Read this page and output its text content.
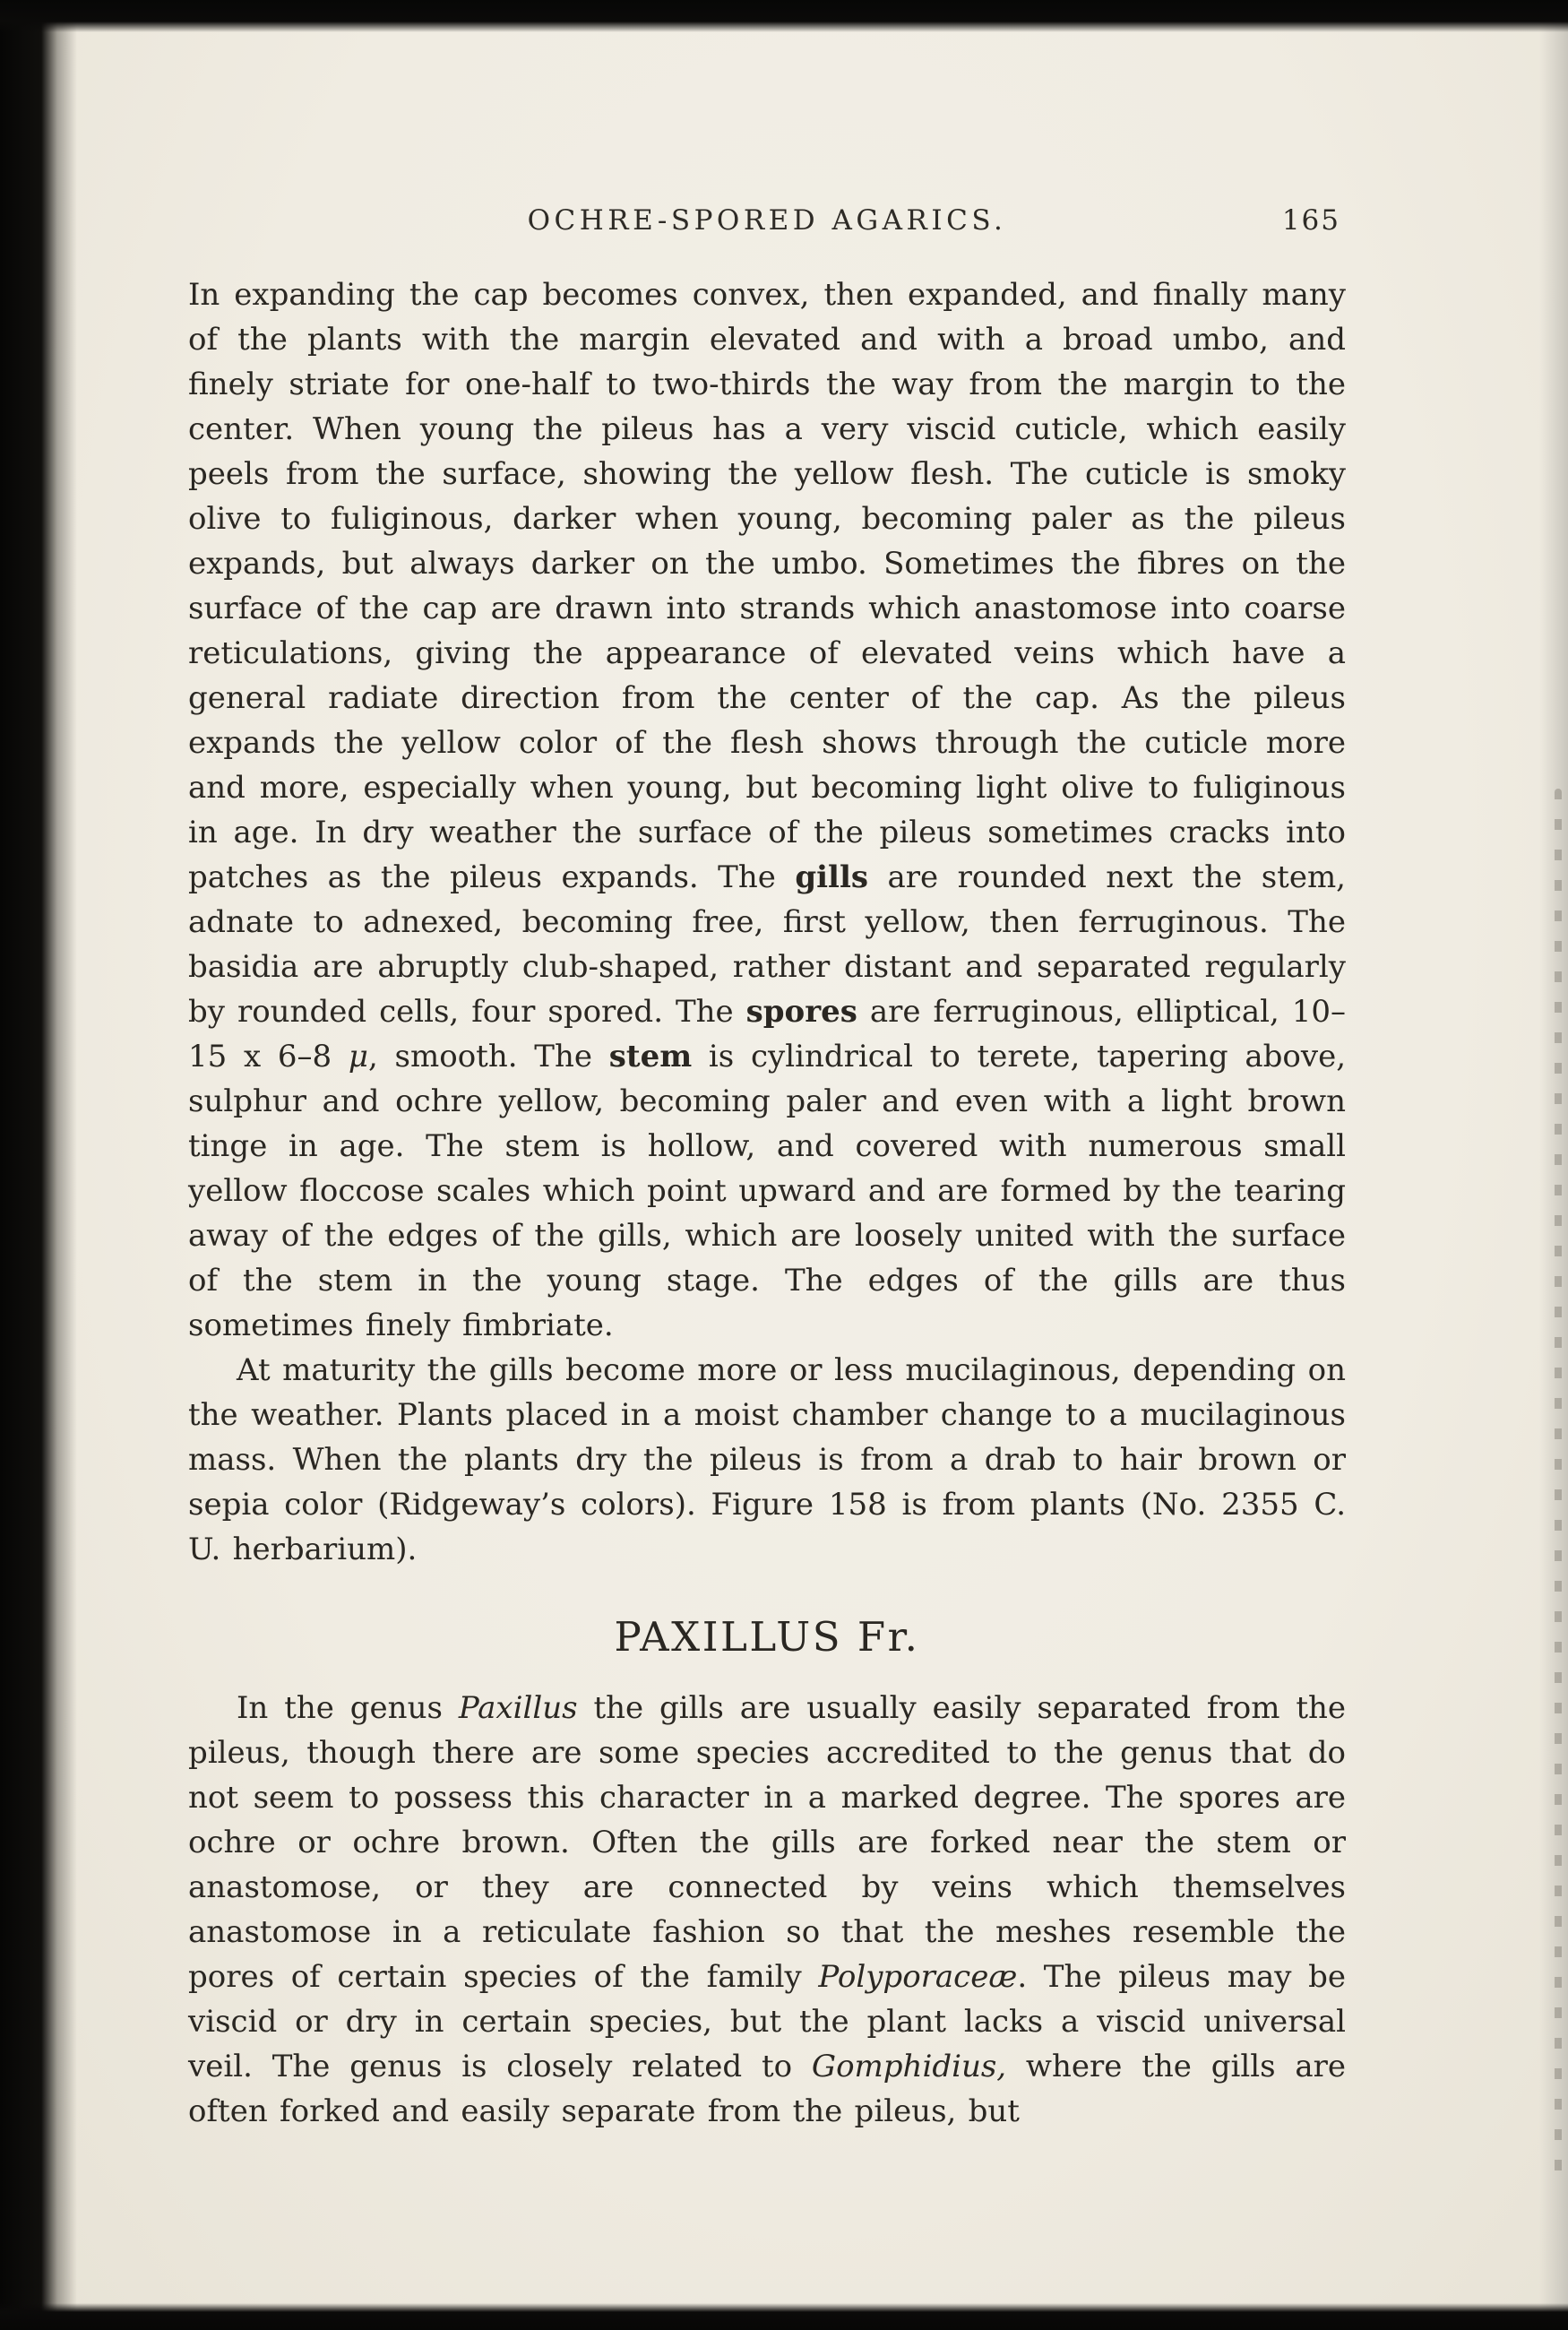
OCHRE-SPORED AGARICS.	165

In expanding the cap becomes convex, then expanded, and finally many of the plants with the margin elevated and with a broad umbo, and finely striate for one-half to two-thirds the way from the margin to the center. When young the pileus has a very viscid cuticle, which easily peels from the surface, showing the yellow flesh. The cuticle is smoky olive to fuliginous, darker when young, becoming paler as the pileus expands, but always darker on the umbo. Sometimes the fibres on the surface of the cap are drawn into strands which anastomose into coarse reticulations, giving the appearance of elevated veins which have a general radiate direction from the center of the cap. As the pileus expands the yellow color of the flesh shows through the cuticle more and more, especially when young, but becoming light olive to fuliginous in age. In dry weather the surface of the pileus sometimes cracks into patches as the pileus expands. The gills are rounded next the stem, adnate to adnexed, becoming free, first yellow, then ferruginous. The basidia are abruptly club-shaped, rather distant and separated regularly by rounded cells, four spored. The spores are ferruginous, elliptical, 10–15 x 6–8 μ, smooth. The stem is cylindrical to terete, tapering above, sulphur and ochre yellow, becoming paler and even with a light brown tinge in age. The stem is hollow, and covered with numerous small yellow floccose scales which point upward and are formed by the tearing away of the edges of the gills, which are loosely united with the surface of the stem in the young stage. The edges of the gills are thus sometimes finely fimbriate.

At maturity the gills become more or less mucilaginous, depending on the weather. Plants placed in a moist chamber change to a mucilaginous mass. When the plants dry the pileus is from a drab to hair brown or sepia color (Ridgeway’s colors). Figure 158 is from plants (No. 2355 C. U. herbarium).

PAXILLUS Fr.

In the genus Paxillus the gills are usually easily separated from the pileus, though there are some species accredited to the genus that do not seem to possess this character in a marked degree. The spores are ochre or ochre brown. Often the gills are forked near the stem or anastomose, or they are connected by veins which themselves anastomose in a reticulate fashion so that the meshes resemble the pores of certain species of the family Polyporaceæ. The pileus may be viscid or dry in certain species, but the plant lacks a viscid universal veil. The genus is closely related to Gomphidius, where the gills are often forked and easily separate from the pileus, but
